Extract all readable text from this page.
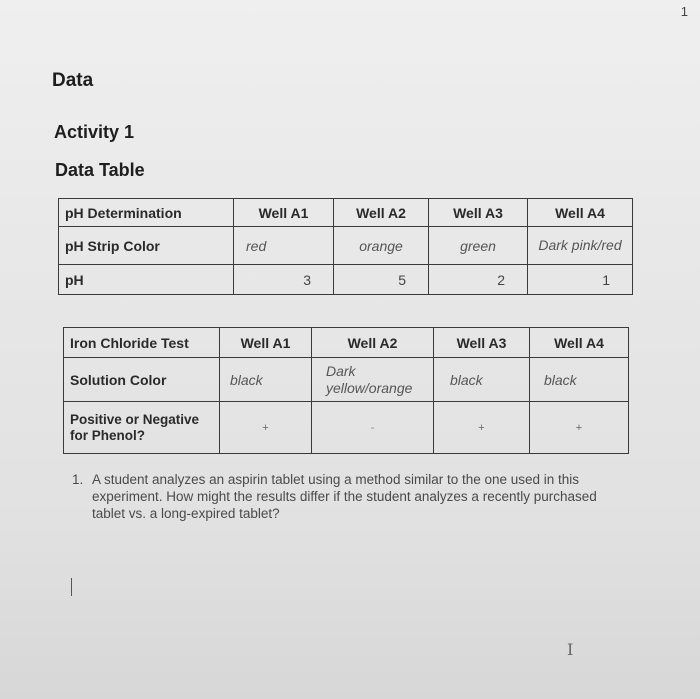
1
Data
Activity 1
Data Table
pH Determination	Well A1	Well A2	Well A3	Well A4
pH Strip Color	red	orange	green	Dark pink/red
pH	3	5	2	1
Iron Chloride Test	Well A1	Well A2	Well A3	Well A4
Solution Color	black	Dark yellow/orange	black	black
Positive or Negative for Phenol?	+	-	+	+
1. A student analyzes an aspirin tablet using a method similar to the one used in this experiment. How might the results differ if the student analyzes a recently purchased tablet vs. a long-expired tablet?
I
